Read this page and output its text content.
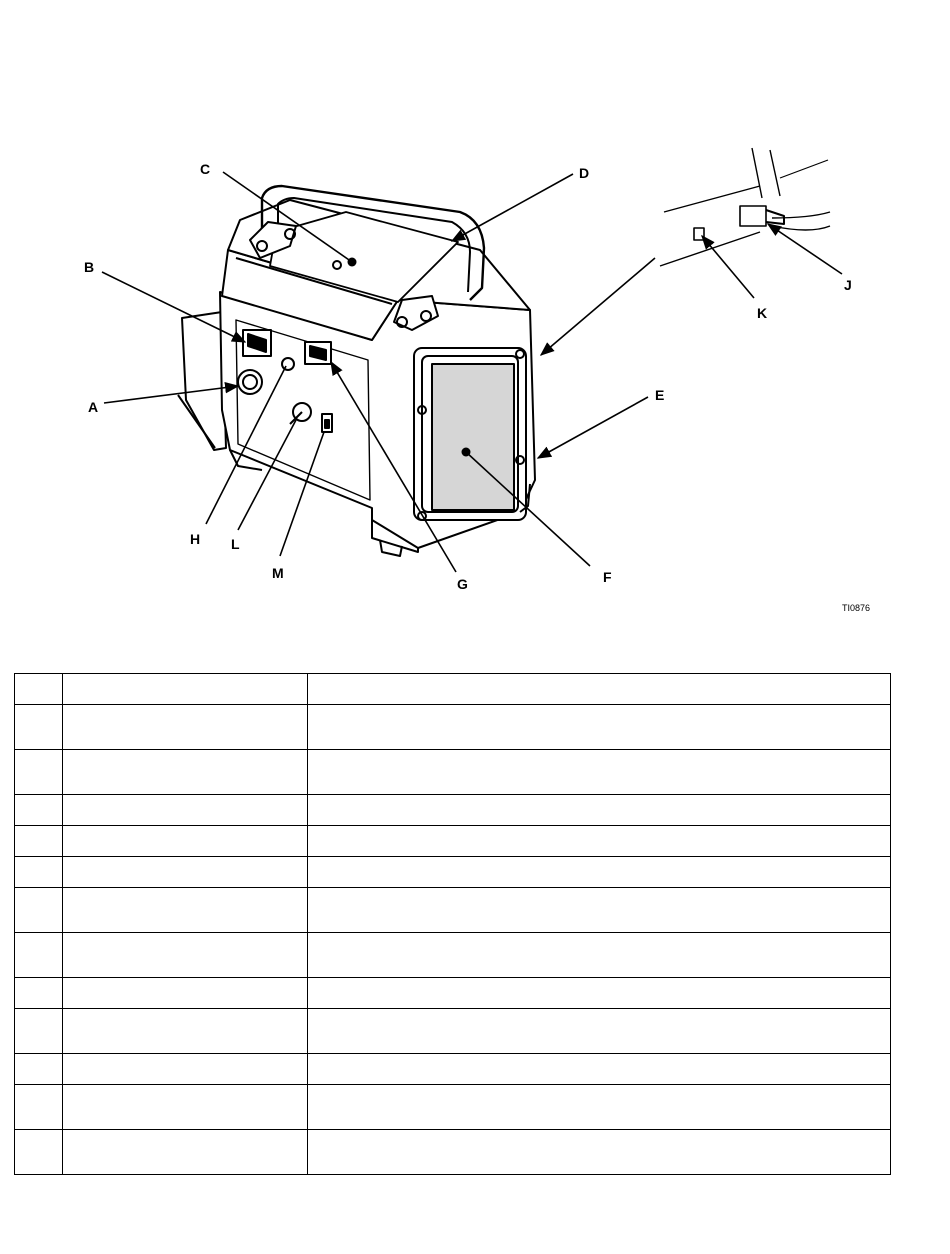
C	D
B
A
E
F
G
H L
M
J
K
TI0876
